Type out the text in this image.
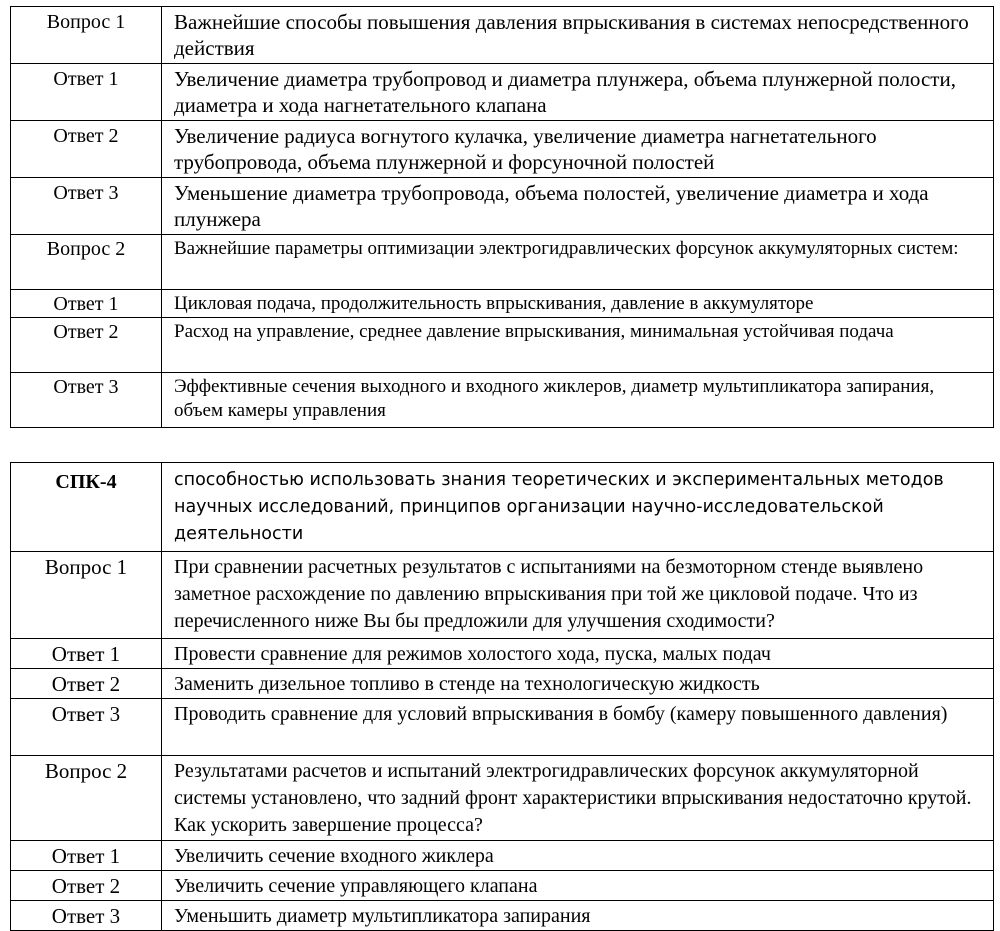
Вопрос 1	Важнейшие способы повышения давления впрыскивания в системах непосредственного действия
Ответ 1	Увеличение диаметра трубопровод и диаметра плунжера, объема плунжерной полости, диаметра и хода нагнетательного клапана
Ответ 2	Увеличение радиуса вогнутого кулачка, увеличение диаметра нагнетательного трубопровода, объема плунжерной и форсуночной полостей
Ответ 3	Уменьшение диаметра трубопровода, объема полостей, увеличение диаметра и хода плунжера
Вопрос 2	Важнейшие параметры оптимизации электрогидравлических форсунок аккумуляторных систем:
Ответ 1	Цикловая подача, продолжительность впрыскивания, давление в аккумуляторе
Ответ 2	Расход на управление, среднее давление впрыскивания, минимальная устойчивая подача
Ответ 3	Эффективные сечения выходного и входного жиклеров, диаметр мультипликатора запирания, объем камеры управления
СПК-4	способностью использовать знания теоретических и экспериментальных методов научных исследований, принципов организации научно-исследовательской деятельности
Вопрос 1	При сравнении расчетных результатов с испытаниями на безмоторном стенде выявлено заметное расхождение по давлению впрыскивания при той же цикловой подаче. Что из перечисленного ниже Вы бы предложили для улучшения сходимости?
Ответ 1	Провести сравнение для режимов холостого хода, пуска, малых подач
Ответ 2	Заменить дизельное топливо в стенде на технологическую жидкость
Ответ 3	Проводить сравнение для условий впрыскивания в бомбу (камеру повышенного давления)
Вопрос 2	Результатами расчетов и испытаний электрогидравлических форсунок аккумуляторной системы установлено, что задний фронт характеристики впрыскивания недостаточно крутой. Как ускорить завершение процесса?
Ответ 1	Увеличить сечение входного жиклера
Ответ 2	Увеличить сечение управляющего клапана
Ответ 3	Уменьшить диаметр мультипликатора запирания
